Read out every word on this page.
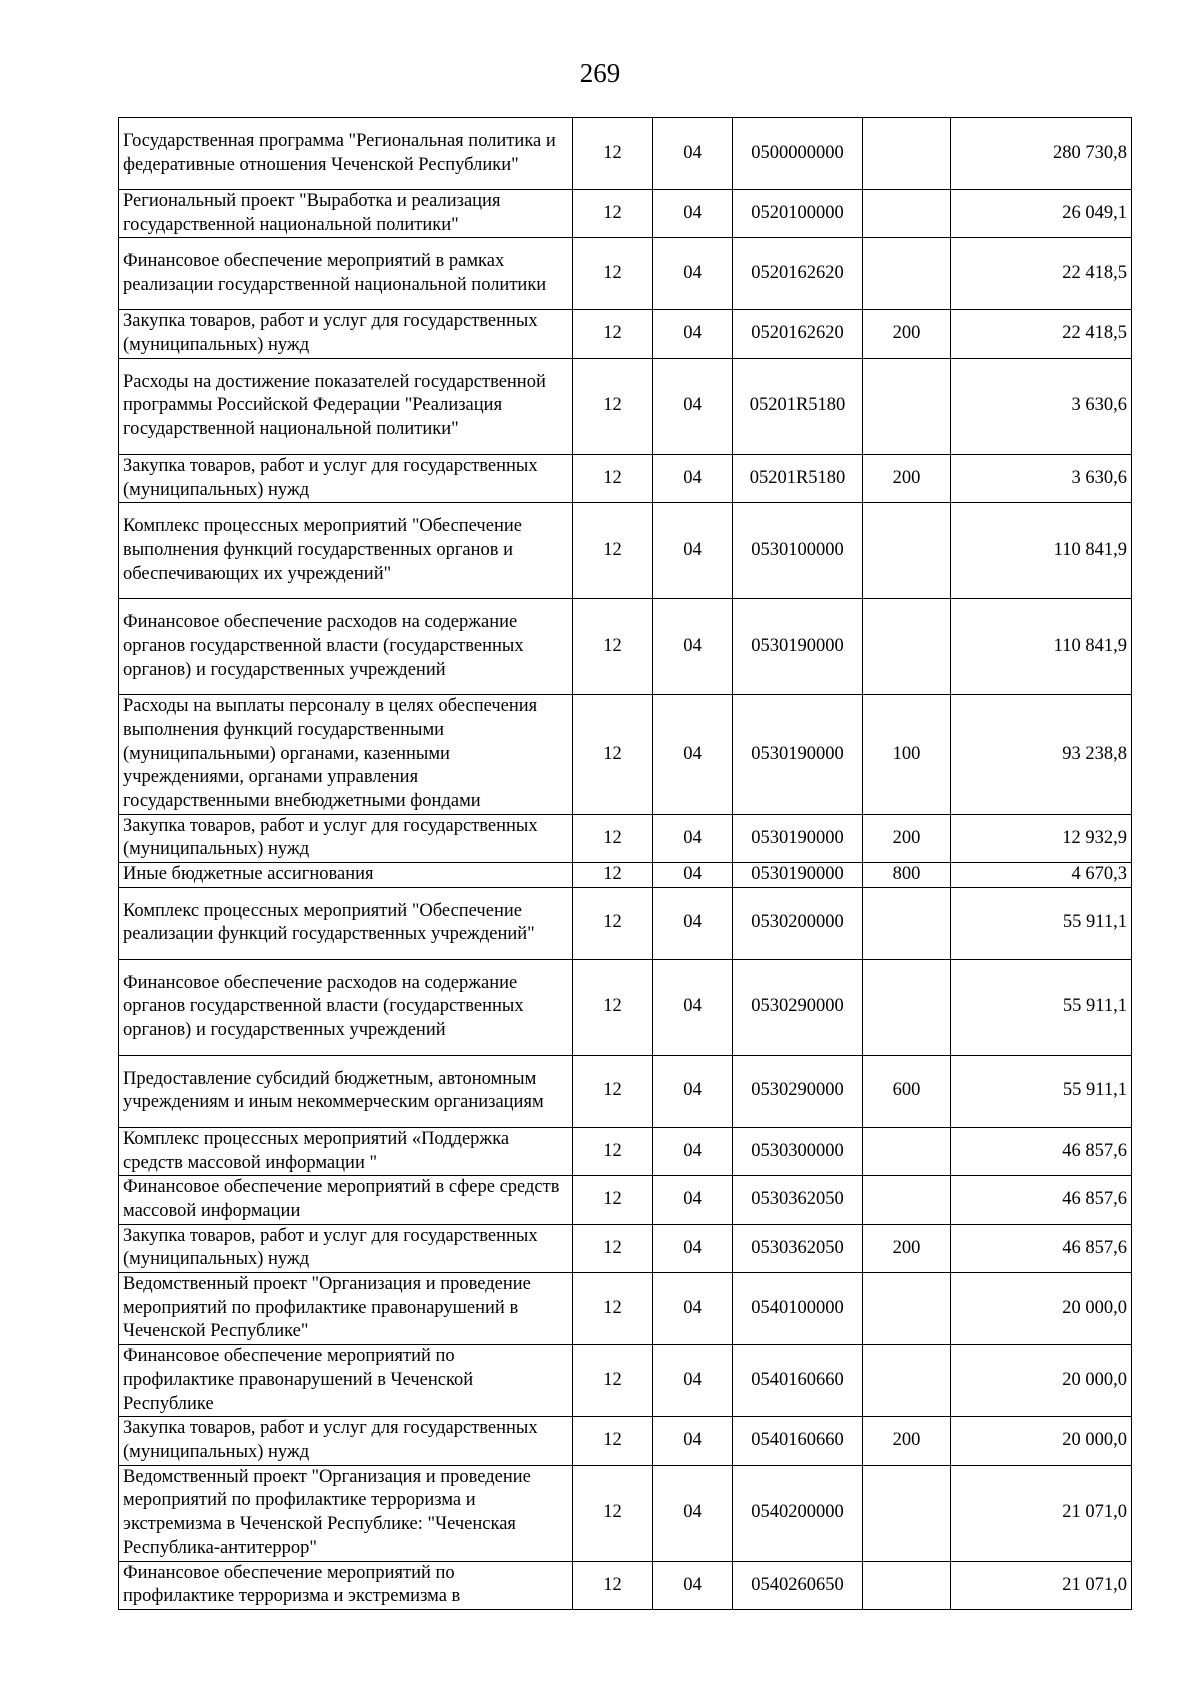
269
Государственная программа "Региональная политика и федеративные отношения Чеченской Республики"	12	04	0500000000		280 730,8
Региональный проект "Выработка и реализация государственной национальной политики"	12	04	0520100000		26 049,1
Финансовое обеспечение мероприятий в рамках реализации государственной национальной политики	12	04	0520162620		22 418,5
Закупка товаров, работ и услуг для государственных (муниципальных) нужд	12	04	0520162620	200	22 418,5
Расходы на достижение показателей государственной программы Российской Федерации "Реализация государственной национальной политики"	12	04	05201R5180		3 630,6
Закупка товаров, работ и услуг для государственных (муниципальных) нужд	12	04	05201R5180	200	3 630,6
Комплекс процессных мероприятий "Обеспечение выполнения функций государственных органов и обеспечивающих их учреждений"	12	04	0530100000		110 841,9
Финансовое обеспечение расходов на содержание органов государственной власти (государственных органов) и государственных учреждений	12	04	0530190000		110 841,9
Расходы на выплаты персоналу в целях обеспечения выполнения функций государственными (муниципальными) органами, казенными учреждениями, органами управления государственными внебюджетными фондами	12	04	0530190000	100	93 238,8
Закупка товаров, работ и услуг для государственных (муниципальных) нужд	12	04	0530190000	200	12 932,9
Иные бюджетные ассигнования	12	04	0530190000	800	4 670,3
Комплекс процессных мероприятий "Обеспечение реализации функций государственных учреждений"	12	04	0530200000		55 911,1
Финансовое обеспечение расходов на содержание органов государственной власти (государственных органов) и государственных учреждений	12	04	0530290000		55 911,1
Предоставление субсидий бюджетным, автономным учреждениям и иным некоммерческим организациям	12	04	0530290000	600	55 911,1
Комплекс процессных мероприятий «Поддержка средств массовой информации "	12	04	0530300000		46 857,6
Финансовое обеспечение мероприятий в сфере средств массовой информации	12	04	0530362050		46 857,6
Закупка товаров, работ и услуг для государственных (муниципальных) нужд	12	04	0530362050	200	46 857,6
Ведомственный проект "Организация и проведение мероприятий по профилактике правонарушений в Чеченской Республике"	12	04	0540100000		20 000,0
Финансовое обеспечение мероприятий по профилактике правонарушений в Чеченской Республике	12	04	0540160660		20 000,0
Закупка товаров, работ и услуг для государственных (муниципальных) нужд	12	04	0540160660	200	20 000,0
Ведомственный проект "Организация и проведение мероприятий по профилактике терроризма и экстремизма в Чеченской Республике: "Чеченская Республика-антитеррор"	12	04	0540200000		21 071,0
Финансовое обеспечение мероприятий по профилактике терроризма и экстремизма в	12	04	0540260650		21 071,0
